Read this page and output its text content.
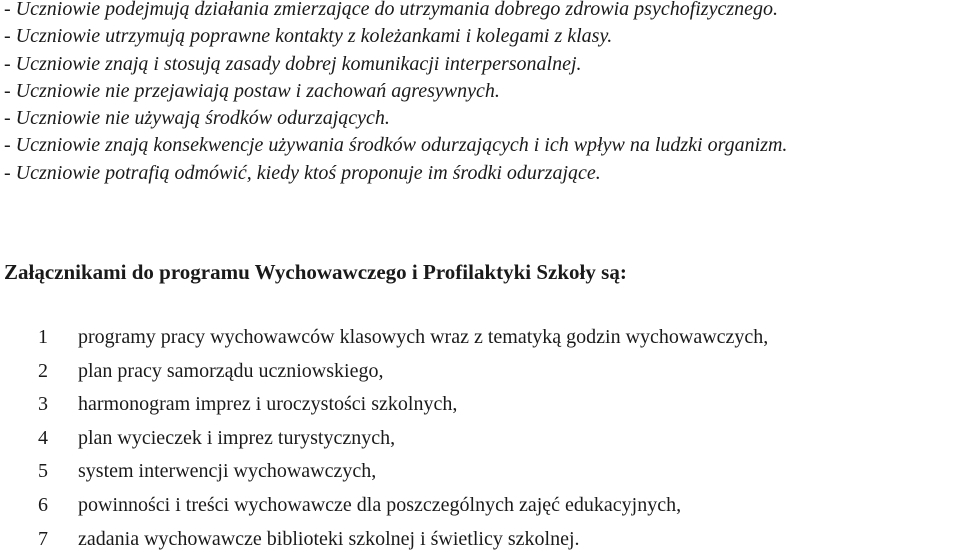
- Uczniowie podejmują działania zmierzające do utrzymania dobrego zdrowia psychofizycznego.
- Uczniowie utrzymują poprawne kontakty z koleżankami i kolegami z klasy.
- Uczniowie znają i stosują zasady dobrej komunikacji interpersonalnej.
- Uczniowie nie przejawiają postaw i zachowań agresywnych.
- Uczniowie nie używają środków odurzających.
- Uczniowie znają konsekwencje używania środków odurzających i ich wpływ na ludzki organizm.
- Uczniowie potrafią odmówić, kiedy ktoś proponuje im środki odurzające.
Załącznikami do programu Wychowawczego i Profilaktyki Szkoły są:
1	programy pracy wychowawców klasowych wraz z tematyką godzin wychowawczych,
2	plan pracy samorządu uczniowskiego,
3	harmonogram imprez i uroczystości szkolnych,
4	plan wycieczek i imprez turystycznych,
5	system interwencji wychowawczych,
6	powinności i treści wychowawcze dla poszczególnych zajęć edukacyjnych,
7	zadania wychowawcze biblioteki szkolnej i świetlicy szkolnej.
